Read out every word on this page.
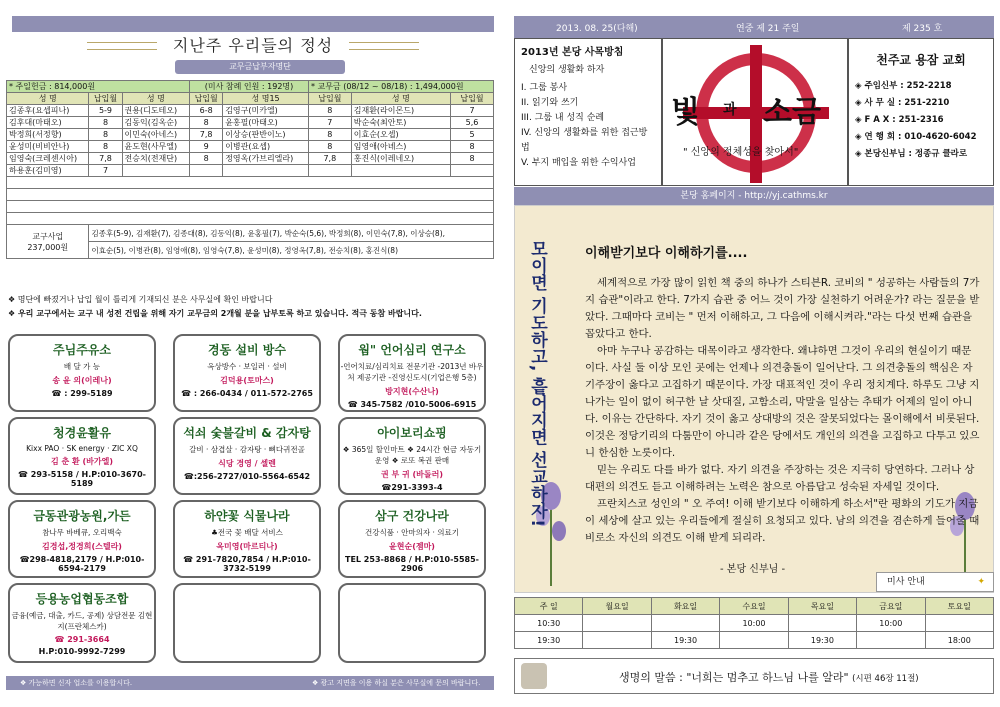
지난주 우리들의 정성
교무금납부자명단
* 주일헌금 : 814,000원			(미사 참례 인원 : 192명)		* 교무금 (08/12 ~ 08/18) : 1,494,000원		
성 명	납입월	성 명	납입월	성 명15	납입월	성 명	납입월
김종후(요셉피나)	5-9	권용(디도테오)	6-8	김영구(미카엘)	8	김재환(라이몬드)	7
김후대(마태오)	8	김동익(김옥순)	8	윤홍필(마태오)	7	박순숙(최안토)	5,6
박정희(서정향)	8	이민숙(아네스)	7,8	이상승(판반이노)	8	이효순(오셉)	5
윤성미(비비안나)	8	윤도현(사무엘)	9	이병관(요셉)	8	임영애(아녜스)	8
임영숙(크레센시아)	7,8	전승치(전재단)	8	정영옥(가브리엘라)	7,8	홍진식(이레네오)	8
하용훈(김미영)	7						

교구사업
237,000원	김종후(5-9), 김재환(7), 김종대(8), 김동익(8), 윤홍필(7), 박순숙(5,6), 박정희(8), 이민숙(7,8), 이상승(8),						
	이효순(5), 이병관(8), 임영애(8), 임영숙(7,8), 윤성미(8), 정영옥(7,8), 전승치(8), 홍진식(8)						
❖ 명단에 빠졌거나 납입 월이 틀리게 기재되신 분은 사무실에 확인 바랍니다
❖ 우리 교구에서는 교구 내 성전 건립을 위해 자기 교무금의 2개월 분을 납부토록 하고 있습니다. 적극 동참 바랍니다.
주님주유소
배 달 가 능
송 윤 의(이레나)
☎ : 299-5189
경동 설비 방수
옥상방수 · 보일러 · 설비
김덕용(토마스)
☎ : 266-0434 / 011-572-2765
웜" 언어심리 연구소
-언어치료/심리치료 전문기관 -2013년 바우처 제공기관 -진영신도시(기업은행 5층)
방지현(수산나)
☎ 345-7582 /010-5006-6915
청경윤활유
Kixx PAO · SK energy · ZIC XQ
김 춘 환 (바가엘)
☎ 293-5158 / H.P:010-3670-5189
석쇠 숯불갈비 & 감자탕
갈비 · 삼겹살 · 감자탕 · 뼈다귀전골
식당 경영 / 셀렌
☎:256-2727/010-5564-6542
아이보리쇼핑
❖ 365일 할인마트 ❖ 24시간 현금 자동기 운영 ❖ 로또 복권 판매
권 부 귀 (바돌러)
☎291-3393-4
금동관광농원,가든
참나무 바베큐, 오리백숙
김경섭,정경희(스텔라)
☎298-4818,2179 / H.P:010-6594-2179
하얀꽃 식물나라
♣전국 꽃 배달 서비스
옥미영(마르티나)
☎ 291-7820,7854 / H.P:010-3732-5199
삼구 건강나라
건강식품 · 안마의자 · 의료기
윤현순(젬마)
TEL 253-8868 / H.P:010-5585-2906
등용농업협동조합
금융(예금, 대출, 카드, 공제) 상담전문 김현지(프란체스카)
☎ 291-3664
H.P:010-9992-7299
❖ 가능하면 신자 업소를 이용합시다.	❖ 광고 지면을 이용 하실 분은 사무실에 문의 바랍니다.
2013. 08. 25(다해)	연중 제 21 주일	제 235 호
2013년 본당 사목방침
신앙의 생활화 하자
I. 그룹 봉사
II. 읽기와 쓰기
III. 그룹 내 성직 순례
IV. 신앙의 생활화를 위한 접근방법
V. 부지 매입을 위한 수익사업
빛 과 소금
" 신앙의 정체성을 찾아서"
천주교 용잠 교회
◈ 주임신부 : 252-2218
◈ 사 무 실 : 251-2210
◈ F A X : 251-2316
◈ 연 행 회 : 010-4620-6042
◈ 본당신부님 : 정종규 클라로
본당 홈페이지 - http://yj.cathms.kr
모이면 기도하고, 흩어지면 선교하자!	이해받기보다 이해하기를....

세계적으로 가장 많이 읽힌 책 중의 하나가 스티븐R. 코비의 " 성공하는 사람들의 7가지 습관"이라고 한다. 7가지 습관 중 어느 것이 가장 실천하기 어려운가? 라는 질문을 받았다. 그때마다 코비는 " 먼저 이해하고, 그 다음에 이해시켜라."라는 다섯 번째 습관을 꼽았다고 한다.

아마 누구나 공감하는 대목이라고 생각한다. 왜냐하면 그것이 우리의 현실이기 때문이다. 사실 둘 이상 모인 곳에는 언제나 의견충돌이 일어난다. 그 의견충돌의 핵심은 자기주장이 옳다고 고집하기 때문이다. 가장 대표적인 것이 우리 정치계다. 하루도 그냥 지나가는 일이 없이 허구한 날 삿대질, 고함소리, 막말을 일삼는 추태가 어제의 일이 아니다. 이유는 간단하다. 자기 것이 옳고 상대방의 것은 잘못되었다는 몰이해에서 비롯된다. 이것은 정당기리의 다툼만이 아니라 같은 당에서도 개인의 의견을 고집하고 다투고 있으니 한심한 노릇이다.

믿는 우리도 다를 바가 없다. 자기 의견을 주장하는 것은 지극히 당연하다. 그러나 상대편의 의견도 듣고 이해하려는 노력은 참으로 아름답고 성숙된 자세일 것이다.

프란치스코 성인의 " 오 주여! 이해 받기보다 이해하게 하소서"란 평화의 기도가 지금 이 세상에 살고 있는 우리들에게 절실히 요청되고 있다. 남의 의견을 겸손하게 들어줄 때 비로소 자신의 의견도 이해 받게 되리라.

- 본당 신부님 -
미사 안내	✦
주 일	월요일	화요일	수요일	목요일	금요일	토요일
10:30			10:00		10:00	
19:30		19:30		19:30		18:00
생명의 말씀 : "너희는 멈추고 하느님 나를 알라" (시편 46장 11절)
